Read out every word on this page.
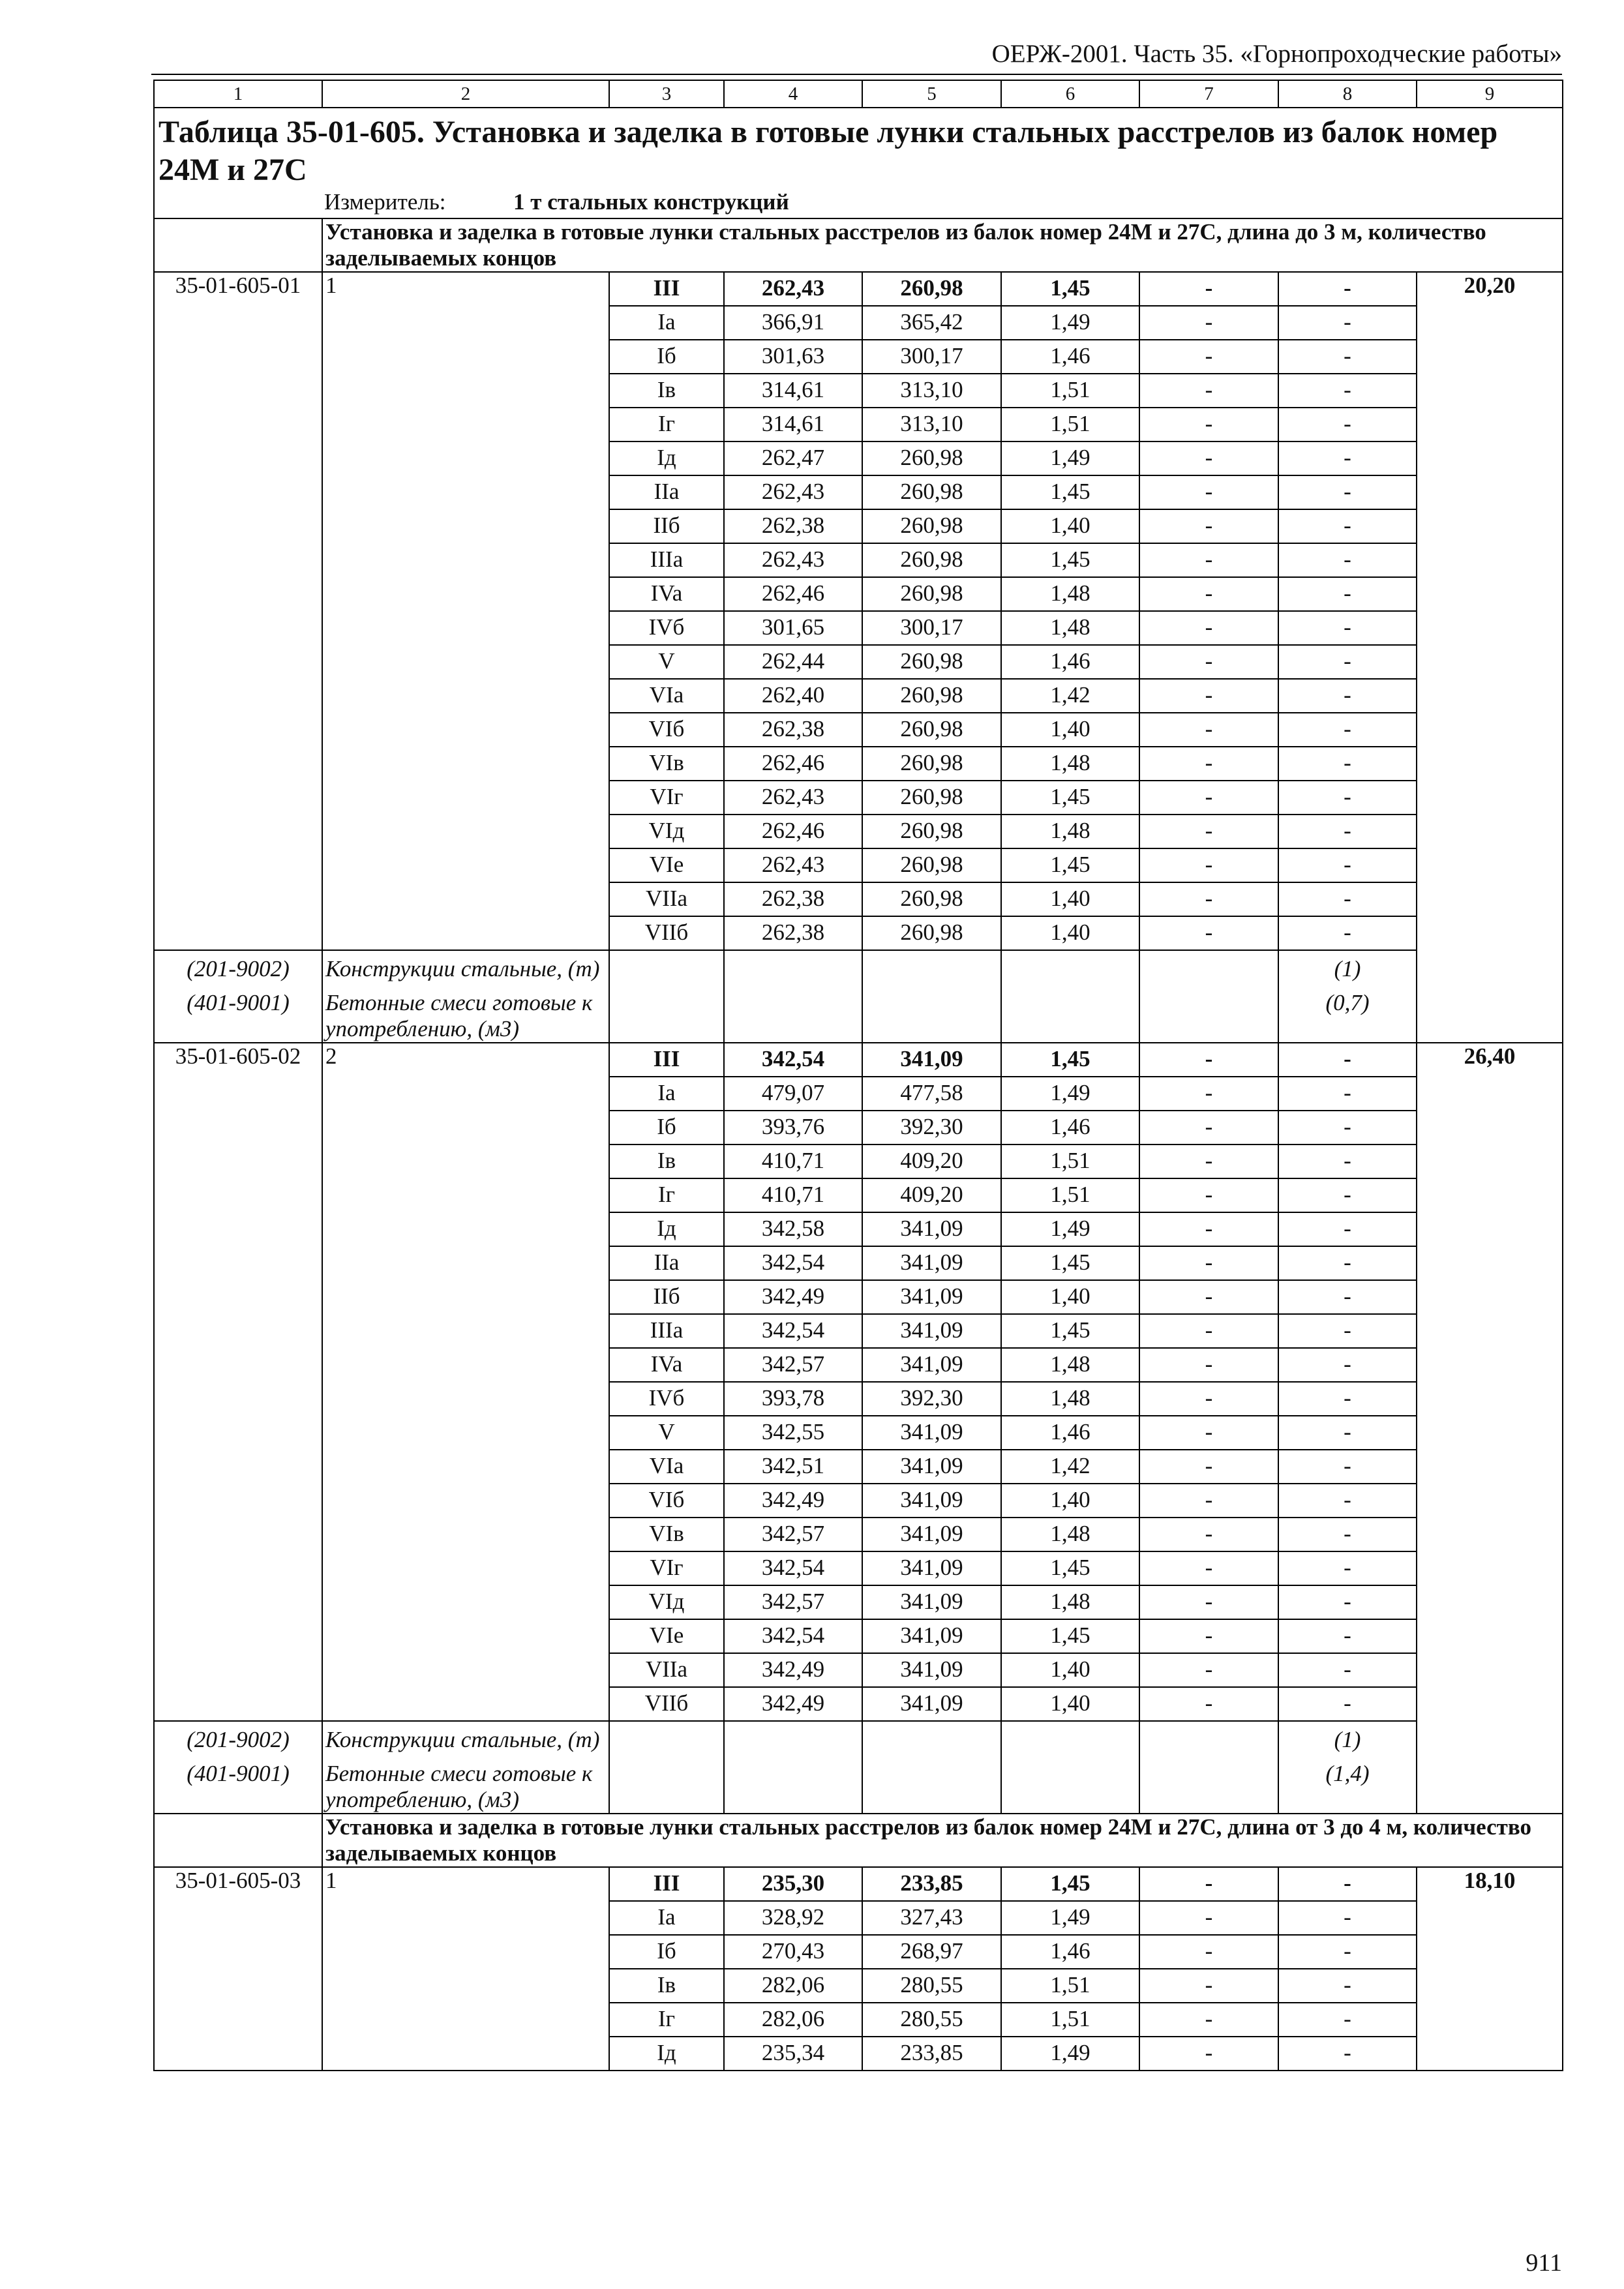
ОЕРЖ-2001. Часть 35. «Горнопроходческие работы»
1	2	3	4	5	6	7	8	9

Таблица 35-01-605. Установка и заделка в готовые лунки стальных расстрелов из балок номер 24М и 27С
Измеритель: 1 т стальных конструкций								

	Установка и заделка в готовые лунки стальных расстрелов из балок номер 24М и 27С, длина до 3 м, количество заделываемых концов							
35-01-605-01	1	III	262,43	260,98	1,45	-	-	20,20
		Ia	366,91	365,42	1,49	-	-	
		Iб	301,63	300,17	1,46	-	-	
		Iв	314,61	313,10	1,51	-	-	
		Iг	314,61	313,10	1,51	-	-	
		Iд	262,47	260,98	1,49	-	-	
		IIa	262,43	260,98	1,45	-	-	
		IIб	262,38	260,98	1,40	-	-	
		IIIa	262,43	260,98	1,45	-	-	
		IVa	262,46	260,98	1,48	-	-	
		IVб	301,65	300,17	1,48	-	-	
		V	262,44	260,98	1,46	-	-	
		VIa	262,40	260,98	1,42	-	-	
		VIб	262,38	260,98	1,40	-	-	
		VIв	262,46	260,98	1,48	-	-	
		VIг	262,43	260,98	1,45	-	-	
		VIд	262,46	260,98	1,48	-	-	
		VIe	262,43	260,98	1,45	-	-	
		VIIa	262,38	260,98	1,40	-	-	
		VIIб	262,38	260,98	1,40	-	-	

(201-9002)	Конструкции стальные, (т)						(1)	

(401-9001)	Бетонные смеси готовые к употреблению, (м3)						(0,7)	

35-01-605-02	2	III	342,54	341,09	1,45	-	-	26,40
		Ia	479,07	477,58	1,49	-	-	
		Iб	393,76	392,30	1,46	-	-	
		Iв	410,71	409,20	1,51	-	-	
		Iг	410,71	409,20	1,51	-	-	
		Iд	342,58	341,09	1,49	-	-	
		IIa	342,54	341,09	1,45	-	-	
		IIб	342,49	341,09	1,40	-	-	
		IIIa	342,54	341,09	1,45	-	-	
		IVa	342,57	341,09	1,48	-	-	
		IVб	393,78	392,30	1,48	-	-	
		V	342,55	341,09	1,46	-	-	
		VIa	342,51	341,09	1,42	-	-	
		VIб	342,49	341,09	1,40	-	-	
		VIв	342,57	341,09	1,48	-	-	
		VIг	342,54	341,09	1,45	-	-	
		VIд	342,57	341,09	1,48	-	-	
		VIe	342,54	341,09	1,45	-	-	
		VIIa	342,49	341,09	1,40	-	-	
		VIIб	342,49	341,09	1,40	-	-	

(201-9002)	Конструкции стальные, (т)						(1)	

(401-9001)	Бетонные смеси готовые к употреблению, (м3)						(1,4)	

	Установка и заделка в готовые лунки стальных расстрелов из балок номер 24М и 27С, длина от 3 до 4 м, количество заделываемых концов							
35-01-605-03	1	III	235,30	233,85	1,45	-	-	18,10
		Ia	328,92	327,43	1,49	-	-	
		Iб	270,43	268,97	1,46	-	-	
		Iв	282,06	280,55	1,51	-	-	
		Iг	282,06	280,55	1,51	-	-	
		Iд	235,34	233,85	1,49	-	-	
911
